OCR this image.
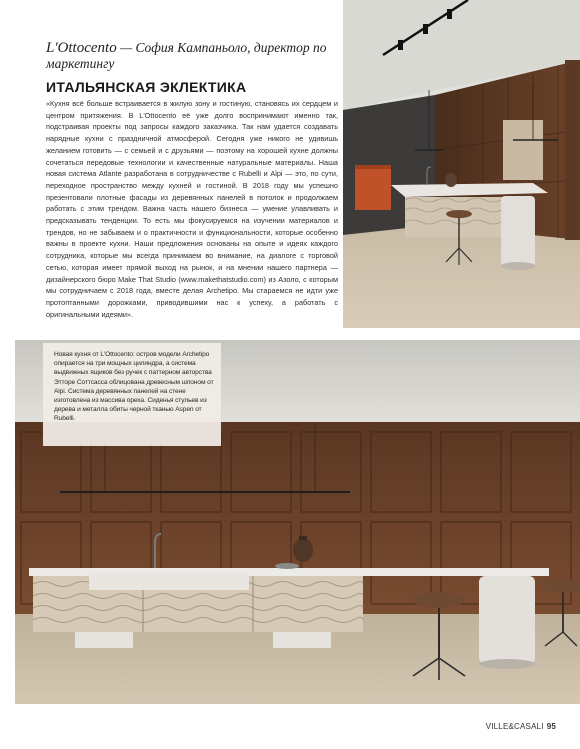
L'Ottocento — София Кампаньоло, директор по маркетингу
ИТАЛЬЯНСКАЯ ЭКЛЕКТИКА

«Кухня всё больше встраивается в жилую зону и гостиную, становясь их сердцем и центром притяжения. В L'Ottocento её уже долго воспринимают именно так, подстраивая проекты под запросы каждого заказчика. Так нам удается создавать нарядные кухни с праздничной атмосферой. Сегодня уже никого не удивишь желанием готовить — с семьей и с друзьями — поэтому на хорошей кухне должны сочетаться передовые технологии и качественные натуральные материалы. Наша новая система Atlante разработана в сотрудничестве с Rubelli и Alpi — это, по сути, переходное пространство между кухней и гостиной. В 2018 году мы успешно презентовали плотные фасады из деревянных панелей в потолок и продолжаем работать с этим трендом. Важна часть нашего бизнеса — умение улавливать и предсказывать тенденции. То есть мы фокусируемся на изучении материалов и трендов, но не забываем и о практичности и функциональности, которые особенно важны в проекте кухни. Наши предложения основаны на опыте и идеях каждого сотрудника, которые мы всегда принимаем во внимание, на диалоге с торговой сетью, которая имеет прямой выход на рынок, и на мнении нашего партнера — дизайнерского бюро Make That Studio (www.makethatstudio.com) из Азоло, с которым мы сотрудничаем с 2018 года, вместе делая Archetipo. Мы стараемся не идти уже протоптанными дорожками, приводившими нас к успеху, а работать с оригинальными идеями».

Новая кухня от L'Ottocento: остров модели Archetipo опирается на три мощных цилиндра, а система выдвижных ящиков без ручек с паттерном авторства Этторе Соттсасса облицована древесным шпоном от Alpi. Система деревянных панелей на стене изготовлена из массива ореха. Сиденья стульев из дерева и металла обиты черной тканью Aspen от Rubelli.

VILLE&CASALI 95
